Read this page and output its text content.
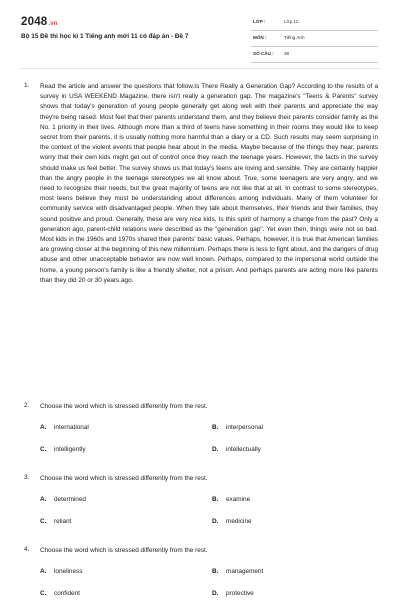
2048.vn
Bộ 15 Đề thi học kì 1 Tiếng anh mới 11 có đáp án - Đề 7
LỚP :	Lớp 11
MÔN :	Tiếng Anh
SỐ CÂU : 38
1. Read the article and answer the questions that follow.Is There Really a Generation Gap? According to the results of a survey in USA WEEKEND Magazine, there isn't really a generation gap. The magazine's "Teens & Parents" survey shows that today's generation of young people generally get along well with their parents and appreciate the way they're being raised. Most feel that their parents understand them, and they believe their parents consider family as the No. 1 priority in their lives. Although more than a third of teens have something in their rooms they would like to keep secret from their parents, it is usually nothing more harmful than a diary or a CD. Such results may seem surprising in the context of the violent events that people hear about in the media. Maybe because of the things they hear, parents worry that their own kids might get out of control once they reach the teenage years. However, the facts in the survey should make us feel better. The survey shows us that today's teens are loving and sensible. They are certainly happier than the angry people in the teenage stereotypes we all know about. True, some teenagers are very angry, and we need to recognize their needs, but the great majority of teens are not like that at all. In contrast to some stereotypes, most teens believe they must be understanding about differences among individuals. Many of them volunteer for community service with disadvantaged people. When they talk about themselves, their friends and their families, they sound positive and proud. Generally, these are very nice kids. Is this spirit of harmony a change from the past? Only a generation ago, parent-child relations were described as the "generation gap". Yet even then, things were not so bad. Most kids in the 1960s and 1970s shared their parents' basic values. Perhaps, however, it is true that American families are growing closer at the beginning of this new millennium. Perhaps there is less to fight about, and the dangers of drug abuse and other unacceptable behavior are now well known. Perhaps, compared to the impersonal world outside the home, a young person's family is like a friendly shelter, not a prison. And perhaps parents are acting more like parents than they did 20 or 30 years ago.
2. Choose the word which is stressed differently from the rest.
A. international	B. interpersonal
C. intelligently	D. intellectually
3. Choose the word which is stressed differently from the rest.
A. determined	B. examine
C. reliant	D. medicine
4. Choose the word which is stressed differently from the rest.
A. loneliness	B. management
C. confident	D. protective
